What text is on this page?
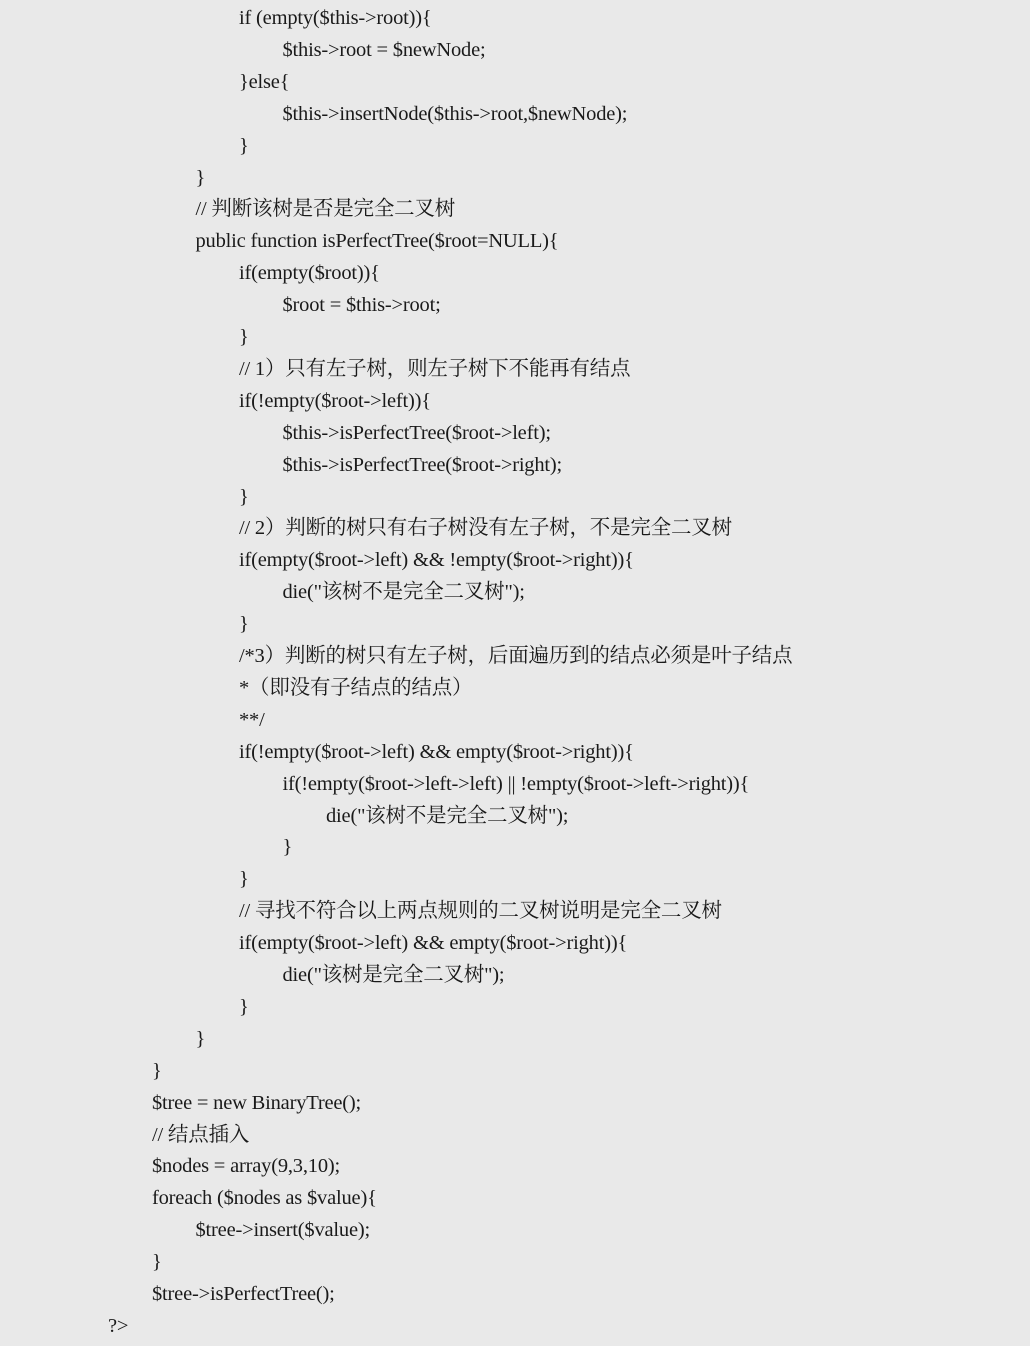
if (empty($this->root)){
$this->root = $newNode;
}else{
$this->insertNode($this->root,$newNode);
}
}
// 判断该树是否是完全二叉树
public function isPerfectTree($root=NULL){
if(empty($root)){
$root = $this->root;
}
// 1）只有左子树，则左子树下不能再有结点
if(!empty($root->left)){
$this->isPerfectTree($root->left);
$this->isPerfectTree($root->right);
}
// 2）判断的树只有右子树没有左子树，不是完全二叉树
if(empty($root->left) && !empty($root->right)){
die("该树不是完全二叉树");
}
/*3）判断的树只有左子树，后面遍历到的结点必须是叶子结点
*（即没有子结点的结点）
**/
if(!empty($root->left) && empty($root->right)){
if(!empty($root->left->left) || !empty($root->left->right)){
die("该树不是完全二叉树");
}
}
// 寻找不符合以上两点规则的二叉树说明是完全二叉树
if(empty($root->left) && empty($root->right)){
die("该树是完全二叉树");
}
}
}
$tree = new BinaryTree();
// 结点插入
$nodes = array(9,3,10);
foreach ($nodes as $value){
$tree->insert($value);
}
$tree->isPerfectTree();
?>
